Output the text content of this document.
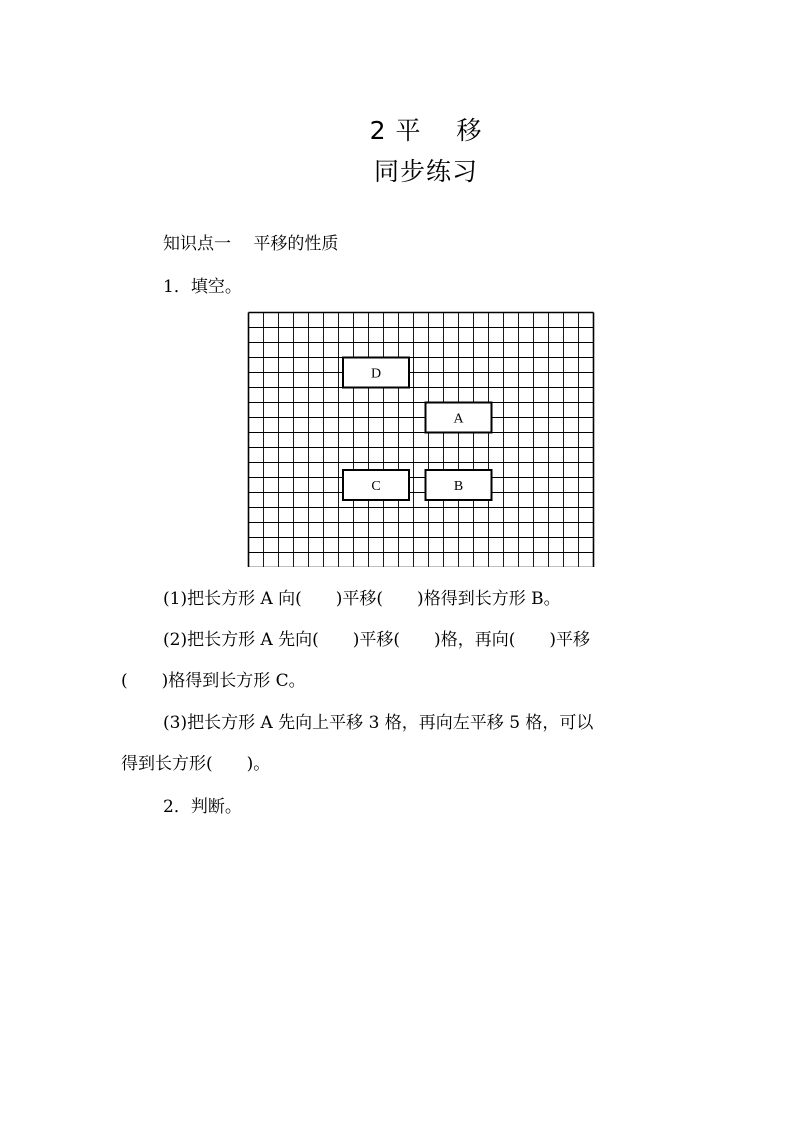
2 平　 移
同步练习
知识点一　 平移的性质
1．填空。
D
A
C	B
(1)把长方形 A 向(　　)平移(　　)格得到长方形 B。
(2)把长方形 A 先向(　　)平移(　　)格，再向(　　)平移
(　　)格得到长方形 C。
(3)把长方形 A 先向上平移 3 格，再向左平移 5 格，可以
得到长方形(　　)。
2．判断。
